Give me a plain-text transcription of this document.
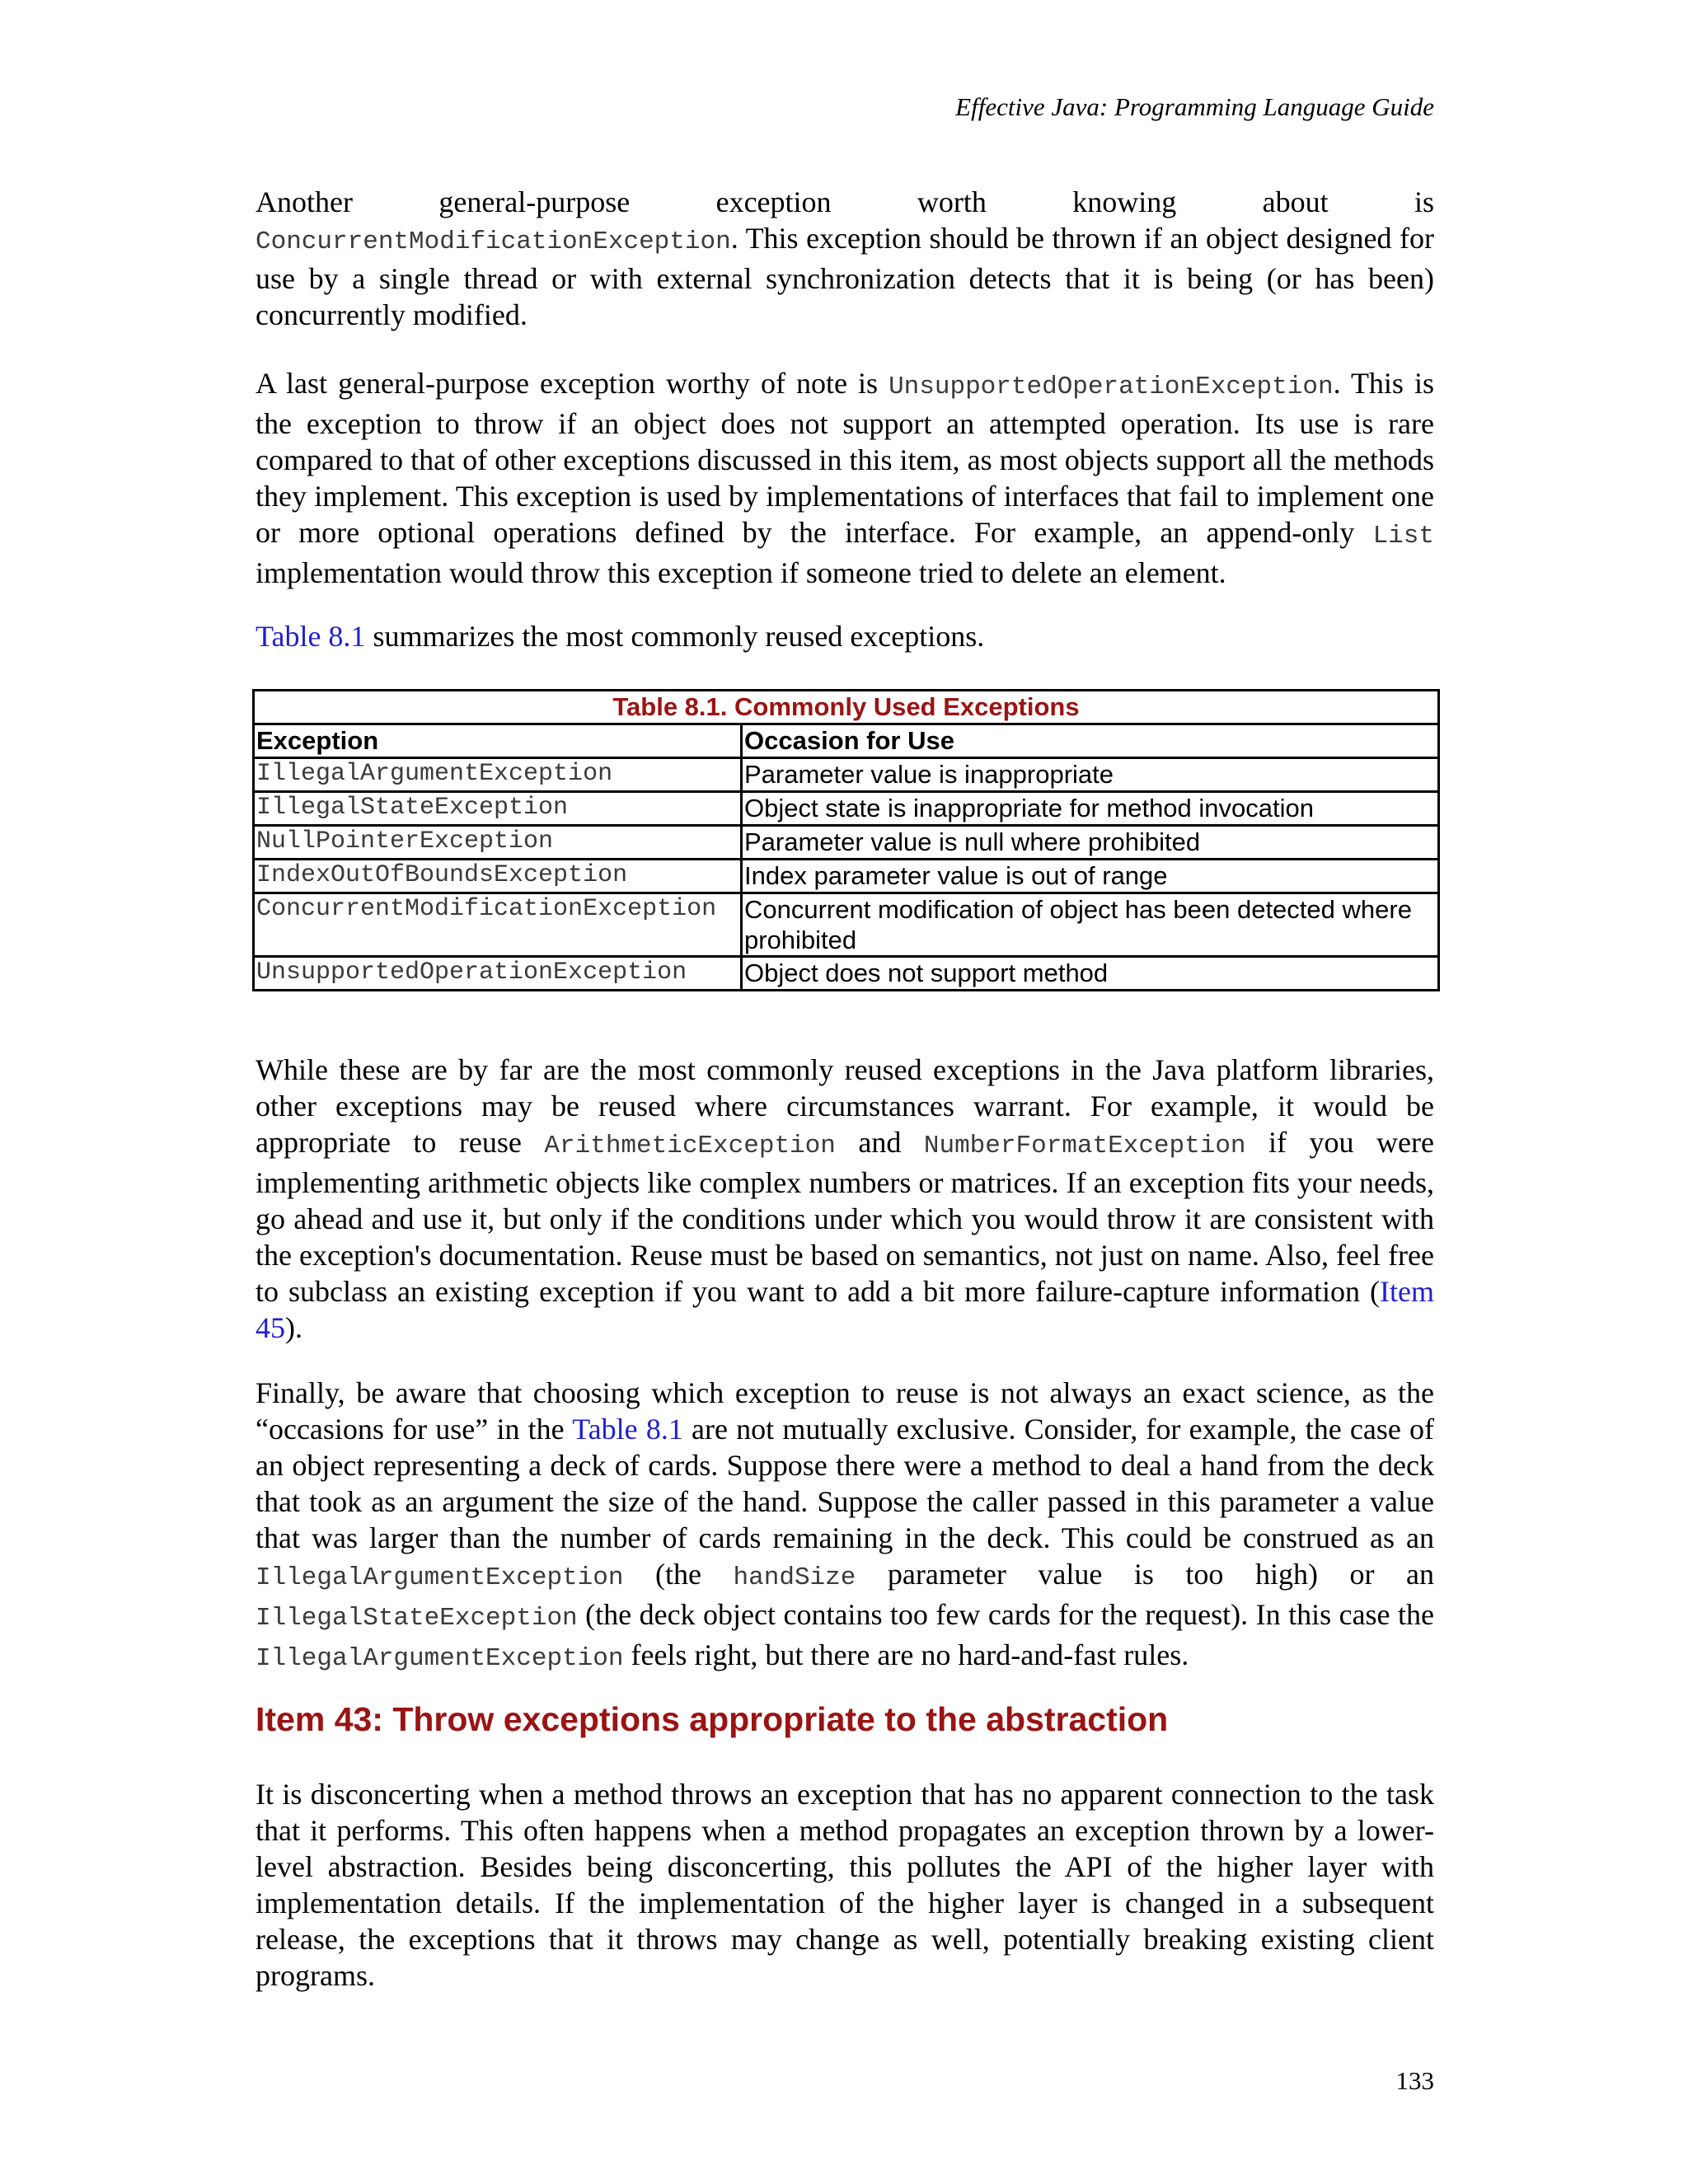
Effective Java: Programming Language Guide

Another general-purpose exception worth knowing about is ConcurrentModificationException. This exception should be thrown if an object designed for use by a single thread or with external synchronization detects that it is being (or has been) concurrently modified.

A last general-purpose exception worthy of note is UnsupportedOperationException. This is the exception to throw if an object does not support an attempted operation. Its use is rare compared to that of other exceptions discussed in this item, as most objects support all the methods they implement. This exception is used by implementations of interfaces that fail to implement one or more optional operations defined by the interface. For example, an append-only List implementation would throw this exception if someone tried to delete an element.

Table 8.1 summarizes the most commonly reused exceptions.

Table 8.1. Commonly Used Exceptions	
Exception	Occasion for Use
IllegalArgumentException	Parameter value is inappropriate
IllegalStateException	Object state is inappropriate for method invocation
NullPointerException	Parameter value is null where prohibited
IndexOutOfBoundsException	Index parameter value is out of range
ConcurrentModificationException	Concurrent modification of object has been detected where prohibited
UnsupportedOperationException	Object does not support method

While these are by far are the most commonly reused exceptions in the Java platform libraries, other exceptions may be reused where circumstances warrant. For example, it would be appropriate to reuse ArithmeticException and NumberFormatException if you were implementing arithmetic objects like complex numbers or matrices. If an exception fits your needs, go ahead and use it, but only if the conditions under which you would throw it are consistent with the exception's documentation. Reuse must be based on semantics, not just on name. Also, feel free to subclass an existing exception if you want to add a bit more failure-capture information (Item 45).

Finally, be aware that choosing which exception to reuse is not always an exact science, as the “occasions for use” in the Table 8.1 are not mutually exclusive. Consider, for example, the case of an object representing a deck of cards. Suppose there were a method to deal a hand from the deck that took as an argument the size of the hand. Suppose the caller passed in this parameter a value that was larger than the number of cards remaining in the deck. This could be construed as an IllegalArgumentException (the handSize parameter value is too high) or an IllegalStateException (the deck object contains too few cards for the request). In this case the IllegalArgumentException feels right, but there are no hard-and-fast rules.

Item 43: Throw exceptions appropriate to the abstraction

It is disconcerting when a method throws an exception that has no apparent connection to the task that it performs. This often happens when a method propagates an exception thrown by a lower-level abstraction. Besides being disconcerting, this pollutes the API of the higher layer with implementation details. If the implementation of the higher layer is changed in a subsequent release, the exceptions that it throws may change as well, potentially breaking existing client programs.

133
